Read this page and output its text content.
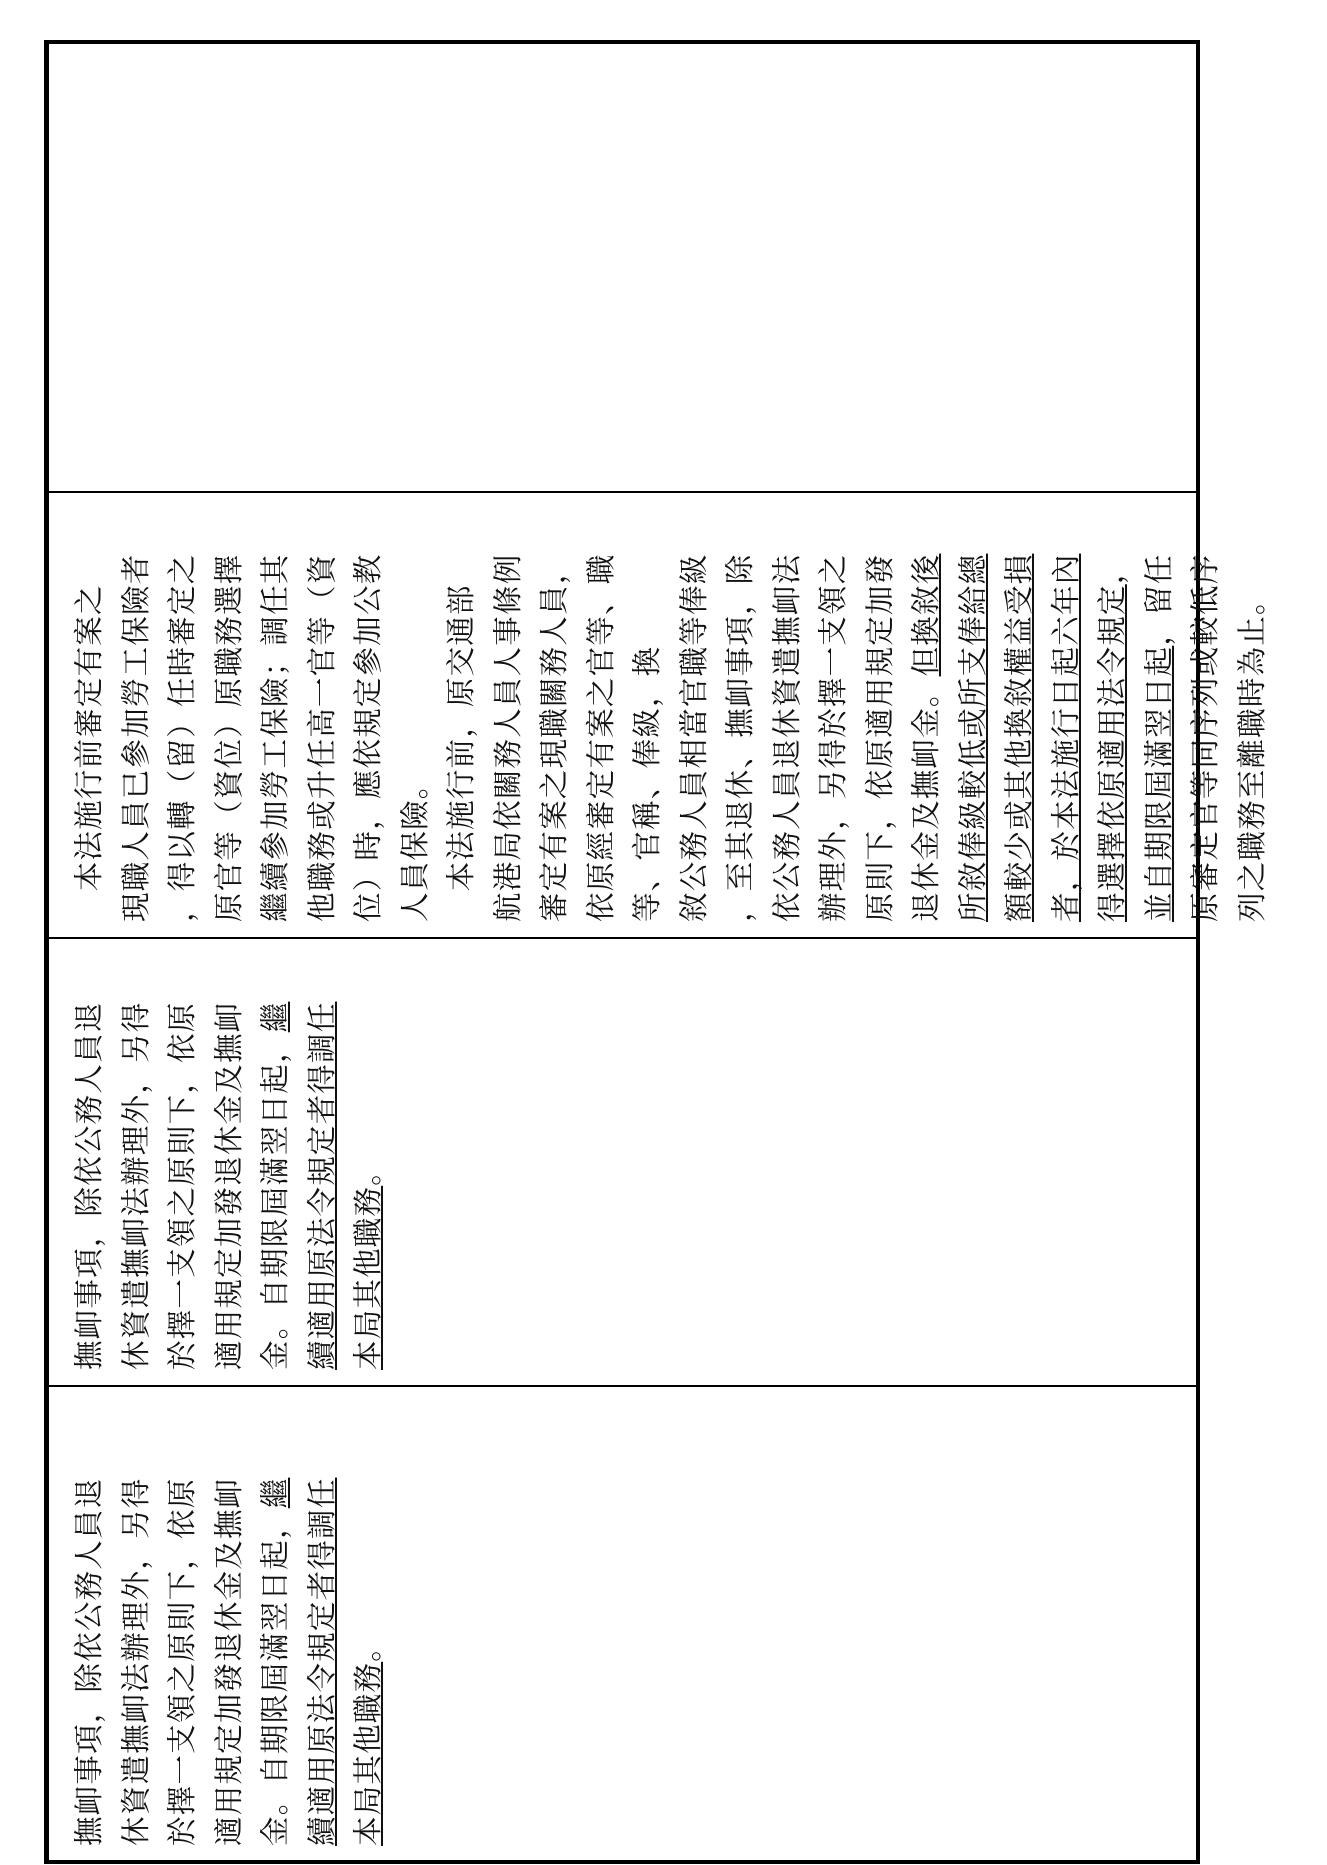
　本法施行前審定有案之 現職人員已參加勞工保險者 ，得以轉（留）任時審定之 原官等（資位）原職務選擇 繼續參加勞工保險；調任其 他職務或升任高一官等（資 位）時，應依規定參加公教 人員保險。 　本法施行前，原交通部 航港局依關務人員人事條例 審定有案之現職關務人員， 依原經審定有案之官等、職 等、官稱、俸級，換 敘公務人員相當官職等俸級 ，至其退休、撫卹事項，除 依公務人員退休資遣撫卹法 辦理外，另得於擇一支領之 原則下，依原適用規定加發 退休金及撫卹金。但換敘後 所敘俸級較低或所支俸給總 額較少或其他換敘權益受損 者，於本法施行日起六年內 得選擇依原適用法令規定，
並自期限屆滿翌日起，留任 原審定官等同序列或較低序 列之職務至離職時為止。
撫卹事項，除依公務人員退 休資遣撫卹法辦理外，另得 於擇一支領之原則下，依原 適用規定加發退休金及撫卹 金。自期限屆滿翌日起，繼 續適用原法令規定者得調任 本局其他職務。
撫卹事項，除依公務人員退 休資遣撫卹法辦理外，另得 於擇一支領之原則下，依原 適用規定加發退休金及撫卹 金。自期限屆滿翌日起，繼 續適用原法令規定者得調任 本局其他職務。
